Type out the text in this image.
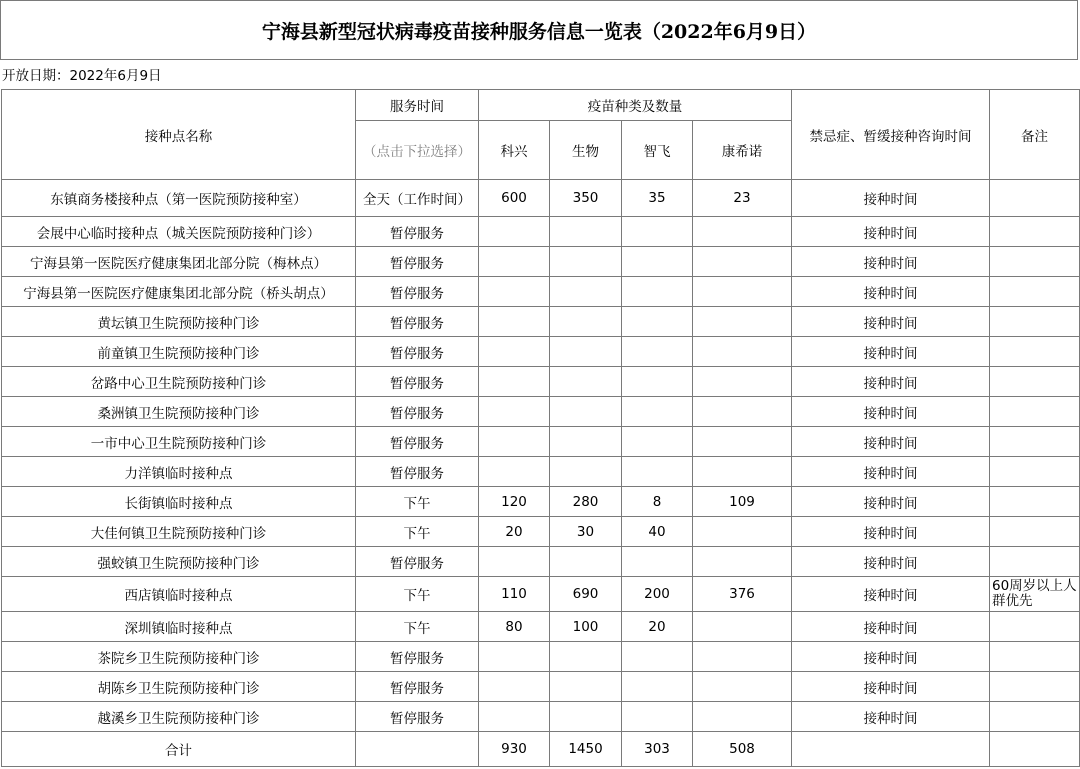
宁海县新型冠状病毒疫苗接种服务信息一览表（2022年6月9日）
开放日期：2022年6月9日
接种点名称	服务时间	疫苗种类及数量				禁忌症、暂缓接种咨询时间	备注
	（点击下拉选择）	科兴	生物	智飞	康希诺		
东镇商务楼接种点（第一医院预防接种室）	全天（工作时间）	600	350	35	23	接种时间	
会展中心临时接种点（城关医院预防接种门诊）	暂停服务					接种时间	
宁海县第一医院医疗健康集团北部分院（梅林点）	暂停服务					接种时间	
宁海县第一医院医疗健康集团北部分院（桥头胡点）	暂停服务					接种时间	
黄坛镇卫生院预防接种门诊	暂停服务					接种时间	
前童镇卫生院预防接种门诊	暂停服务					接种时间	
岔路中心卫生院预防接种门诊	暂停服务					接种时间	
桑洲镇卫生院预防接种门诊	暂停服务					接种时间	
一市中心卫生院预防接种门诊	暂停服务					接种时间	
力洋镇临时接种点	暂停服务					接种时间	
长街镇临时接种点	下午	120	280	8	109	接种时间	
大佳何镇卫生院预防接种门诊	下午	20	30	40		接种时间	
强蛟镇卫生院预防接种门诊	暂停服务					接种时间	
西店镇临时接种点	下午	110	690	200	376	接种时间	60周岁以上人群优先
深圳镇临时接种点	下午	80	100	20		接种时间	
茶院乡卫生院预防接种门诊	暂停服务					接种时间	
胡陈乡卫生院预防接种门诊	暂停服务					接种时间	
越溪乡卫生院预防接种门诊	暂停服务					接种时间	
合计		930	1450	303	508		
